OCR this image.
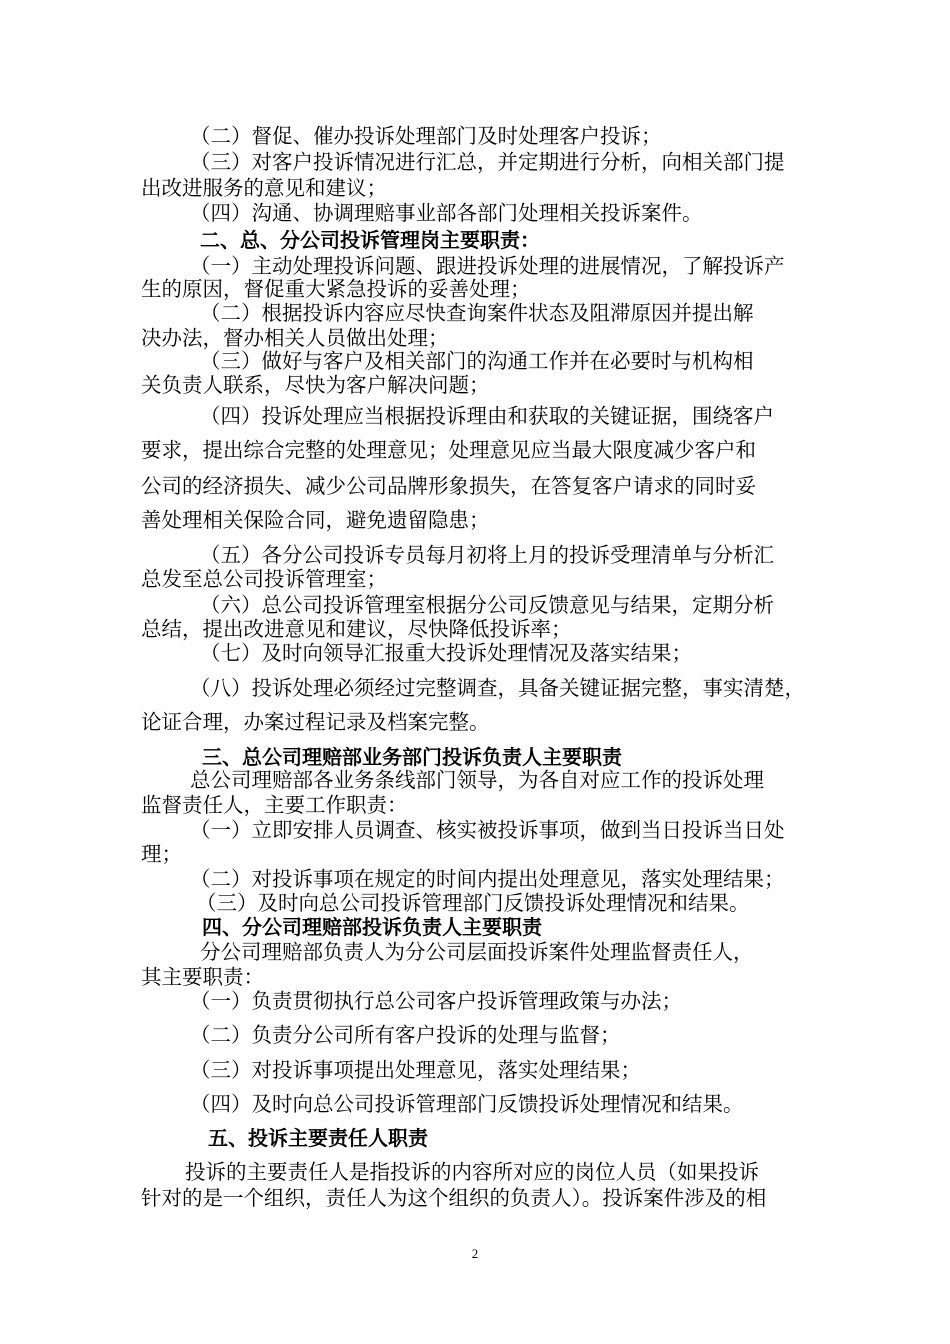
（二）督促、催办投诉处理部门及时处理客户投诉；
（三）对客户投诉情况进行汇总，并定期进行分析，向相关部门提
出改进服务的意见和建议；
（四）沟通、协调理赔事业部各部门处理相关投诉案件。
二、总、分公司投诉管理岗主要职责：
（一）主动处理投诉问题、跟进投诉处理的进展情况，了解投诉产
生的原因，督促重大紧急投诉的妥善处理；
（二）根据投诉内容应尽快查询案件状态及阻滞原因并提出解
决办法，督办相关人员做出处理；
（三）做好与客户及相关部门的沟通工作并在必要时与机构相
关负责人联系，尽快为客户解决问题；
（四）投诉处理应当根据投诉理由和获取的关键证据，围绕客户
要求，提出综合完整的处理意见；处理意见应当最大限度减少客户和
公司的经济损失、减少公司品牌形象损失，在答复客户请求的同时妥
善处理相关保险合同，避免遗留隐患；
（五）各分公司投诉专员每月初将上月的投诉受理清单与分析汇
总发至总公司投诉管理室；
（六）总公司投诉管理室根据分公司反馈意见与结果，定期分析
总结，提出改进意见和建议，尽快降低投诉率；
（七）及时向领导汇报重大投诉处理情况及落实结果；
（八）投诉处理必须经过完整调查，具备关键证据完整，事实清楚，
论证合理，办案过程记录及档案完整。
三、总公司理赔部业务部门投诉负责人主要职责
总公司理赔部各业务条线部门领导，为各自对应工作的投诉处理
监督责任人，主要工作职责：
（一）立即安排人员调查、核实被投诉事项，做到当日投诉当日处
理；
（二）对投诉事项在规定的时间内提出处理意见，落实处理结果；
（三）及时向总公司投诉管理部门反馈投诉处理情况和结果。
四、分公司理赔部投诉负责人主要职责
分公司理赔部负责人为分公司层面投诉案件处理监督责任人，
其主要职责：
（一）负责贯彻执行总公司客户投诉管理政策与办法；
（二）负责分公司所有客户投诉的处理与监督；
（三）对投诉事项提出处理意见，落实处理结果；
（四）及时向总公司投诉管理部门反馈投诉处理情况和结果。
五、投诉主要责任人职责
投诉的主要责任人是指投诉的内容所对应的岗位人员（如果投诉
针对的是一个组织，责任人为这个组织的负责人）。投诉案件涉及的相
2
